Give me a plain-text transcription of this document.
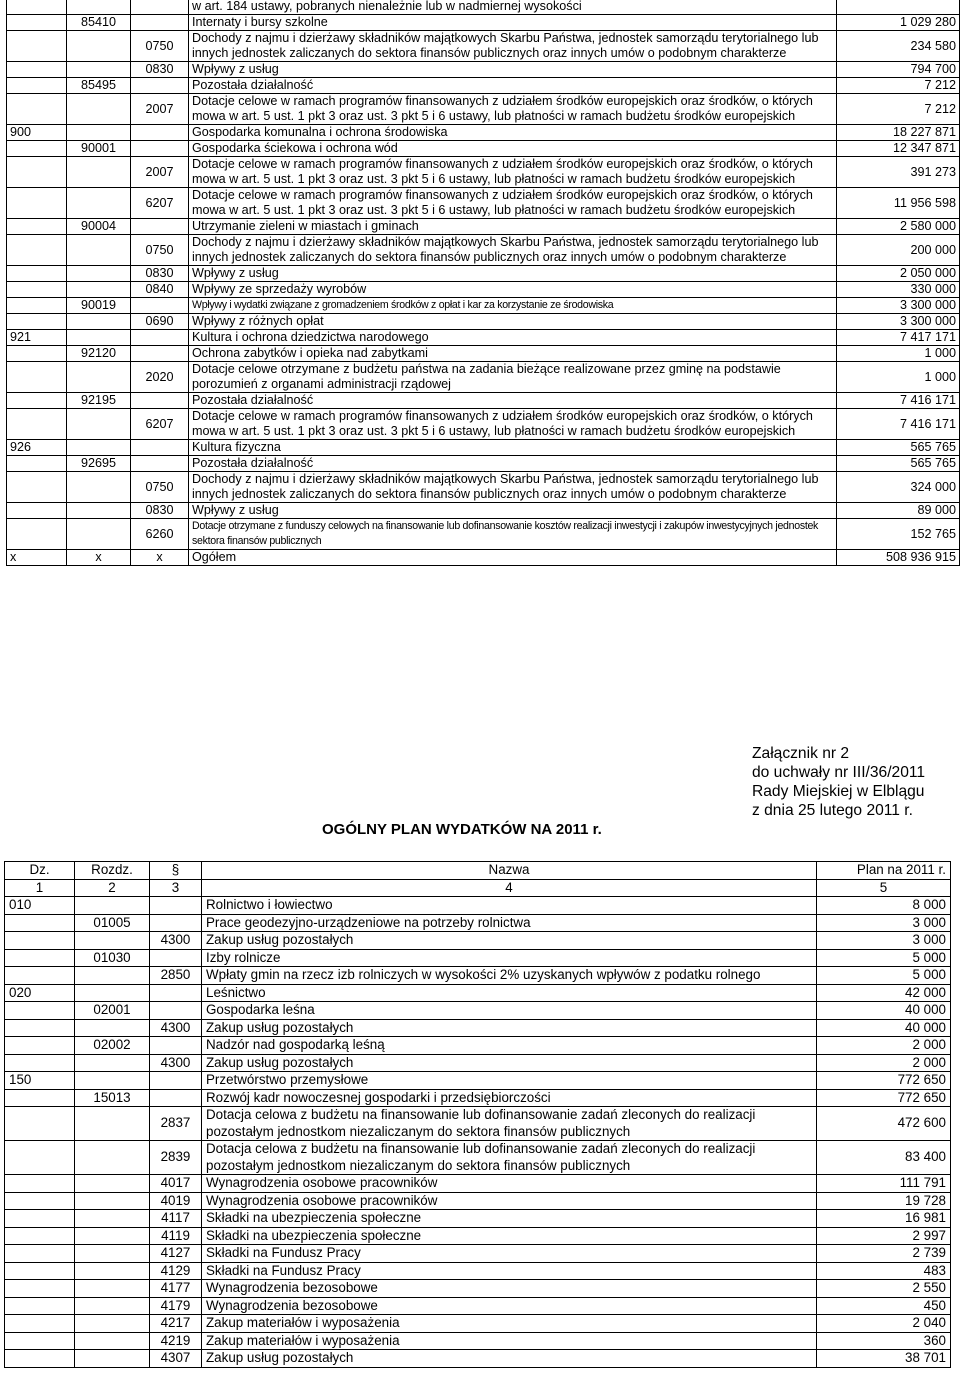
			w art. 184 ustawy, pobranych nienależnie lub w nadmiernej wysokości	
	85410		Internaty i bursy szkolne	1 029 280
		0750	Dochody z najmu i dzierżawy składników majątkowych Skarbu Państwa, jednostek samorządu terytorialnego lub innych jednostek zaliczanych do sektora finansów publicznych oraz innych umów o podobnym charakterze	234 580
		0830	Wpływy z usług	794 700
	85495		Pozostała działalność	7 212
		2007	Dotacje celowe w ramach programów finansowanych z udziałem środków europejskich oraz środków, o których mowa w art. 5 ust. 1 pkt 3 oraz ust. 3 pkt 5 i 6 ustawy, lub płatności w ramach budżetu środków europejskich	7 212
900			Gospodarka komunalna i ochrona środowiska	18 227 871
	90001		Gospodarka ściekowa i ochrona wód	12 347 871
		2007	Dotacje celowe w ramach programów finansowanych z udziałem środków europejskich oraz środków, o których mowa w art. 5 ust. 1 pkt 3 oraz ust. 3 pkt 5 i 6 ustawy, lub płatności w ramach budżetu środków europejskich	391 273
		6207	Dotacje celowe w ramach programów finansowanych z udziałem środków europejskich oraz środków, o których mowa w art. 5 ust. 1 pkt 3 oraz ust. 3 pkt 5 i 6 ustawy, lub płatności w ramach budżetu środków europejskich	11 956 598
	90004		Utrzymanie zieleni w miastach i gminach	2 580 000
		0750	Dochody z najmu i dzierżawy składników majątkowych Skarbu Państwa, jednostek samorządu terytorialnego lub innych jednostek zaliczanych do sektora finansów publicznych oraz innych umów o podobnym charakterze	200 000
		0830	Wpływy z usług	2 050 000
		0840	Wpływy ze sprzedaży wyrobów	330 000
	90019		Wpływy i wydatki związane z gromadzeniem środków z opłat i kar za korzystanie ze środowiska	3 300 000
		0690	Wpływy z różnych opłat	3 300 000
921			Kultura i ochrona dziedzictwa narodowego	7 417 171
	92120		Ochrona zabytków i opieka nad zabytkami	1 000
		2020	Dotacje celowe otrzymane z budżetu państwa na zadania bieżące realizowane przez gminę na podstawie porozumień z organami administracji rządowej	1 000
	92195		Pozostała działalność	7 416 171
		6207	Dotacje celowe w ramach programów finansowanych z udziałem środków europejskich oraz środków, o których mowa w art. 5 ust. 1 pkt 3 oraz ust. 3 pkt 5 i 6 ustawy, lub płatności w ramach budżetu środków europejskich	7 416 171
926			Kultura fizyczna	565 765
	92695		Pozostała działalność	565 765
		0750	Dochody z najmu i dzierżawy składników majątkowych Skarbu Państwa, jednostek samorządu terytorialnego lub innych jednostek zaliczanych do sektora finansów publicznych oraz innych umów o podobnym charakterze	324 000
		0830	Wpływy z usług	89 000
		6260	Dotacje otrzymane z funduszy celowych na finansowanie lub dofinansowanie kosztów realizacji inwestycji i zakupów inwestycyjnych jednostek sektora finansów publicznych	152 765
x	x	x	Ogółem	508 936 915
Załącznik nr 2
do uchwały nr III/36/2011
Rady Miejskiej w Elblągu
z dnia 25 lutego 2011 r.
OGÓLNY PLAN WYDATKÓW NA 2011 r.
Dz.	Rozdz.	§	Nazwa	Plan na 2011 r.
1	2	3	4	5
010			Rolnictwo i łowiectwo	8 000
	01005		Prace geodezyjno-urządzeniowe na potrzeby rolnictwa	3 000
		4300	Zakup usług pozostałych	3 000
	01030		Izby rolnicze	5 000
		2850	Wpłaty gmin na rzecz izb rolniczych w wysokości 2% uzyskanych wpływów z podatku rolnego	5 000
020			Leśnictwo	42 000
	02001		Gospodarka leśna	40 000
		4300	Zakup usług pozostałych	40 000
	02002		Nadzór nad gospodarką leśną	2 000
		4300	Zakup usług pozostałych	2 000
150			Przetwórstwo przemysłowe	772 650
	15013		Rozwój kadr nowoczesnej gospodarki i przedsiębiorczości	772 650
		2837	Dotacja celowa z budżetu na finansowanie lub dofinansowanie zadań zleconych do realizacji pozostałym jednostkom niezaliczanym do sektora finansów publicznych	472 600
		2839	Dotacja celowa z budżetu na finansowanie lub dofinansowanie zadań zleconych do realizacji pozostałym jednostkom niezaliczanym do sektora finansów publicznych	83 400
		4017	Wynagrodzenia osobowe pracowników	111 791
		4019	Wynagrodzenia osobowe pracowników	19 728
		4117	Składki na ubezpieczenia społeczne	16 981
		4119	Składki na ubezpieczenia społeczne	2 997
		4127	Składki na Fundusz Pracy	2 739
		4129	Składki na Fundusz Pracy	483
		4177	Wynagrodzenia bezosobowe	2 550
		4179	Wynagrodzenia bezosobowe	450
		4217	Zakup materiałów i wyposażenia	2 040
		4219	Zakup materiałów i wyposażenia	360
		4307	Zakup usług pozostałych	38 701
